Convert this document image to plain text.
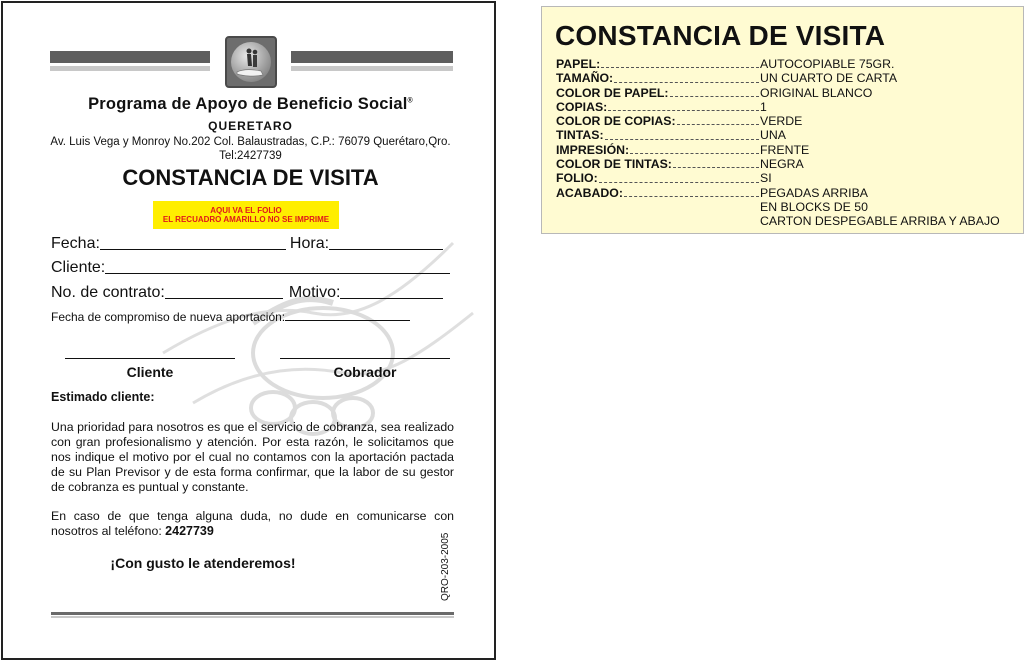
Programa de Apoyo de Beneficio Social®
QUERETARO
Av. Luis Vega y Monroy No.202 Col. Balaustradas, C.P.: 76079 Querétaro,Qro.
Tel:2427739
CONSTANCIA DE VISITA
AQUI VA EL FOLIO
EL RECUADRO AMARILLO NO SE IMPRIME
Fecha:	Hora:
Cliente:
No. de contrato:	Motivo:
Fecha de compromiso de nueva aportación:
Cliente	Cobrador
Estimado cliente:
Una prioridad para nosotros es que el servicio de cobranza, sea realizado con gran profesionalismo y atención. Por esta razón, le solicitamos que nos indique el motivo por el cual no contamos con la aportación pactada de su Plan Previsor y de esta forma confirmar, que la labor de su gestor de cobranza es puntual y constante.
En caso de que tenga alguna duda, no dude en comunicarse con nosotros al teléfono: 2427739
¡Con gusto le atenderemos!	QRO-203-2005
CONSTANCIA DE VISITA
PAPEL:	AUTOCOPIABLE 75GR.
TAMAÑO:	UN CUARTO DE CARTA
COLOR DE PAPEL:	ORIGINAL BLANCO
COPIAS:	1
COLOR DE COPIAS:	VERDE
TINTAS:	UNA
IMPRESIÓN:	FRENTE
COLOR DE TINTAS:	NEGRA
FOLIO:	SI
ACABADO:	PEGADAS ARRIBA
EN BLOCKS DE 50
CARTON DESPEGABLE ARRIBA Y ABAJO
